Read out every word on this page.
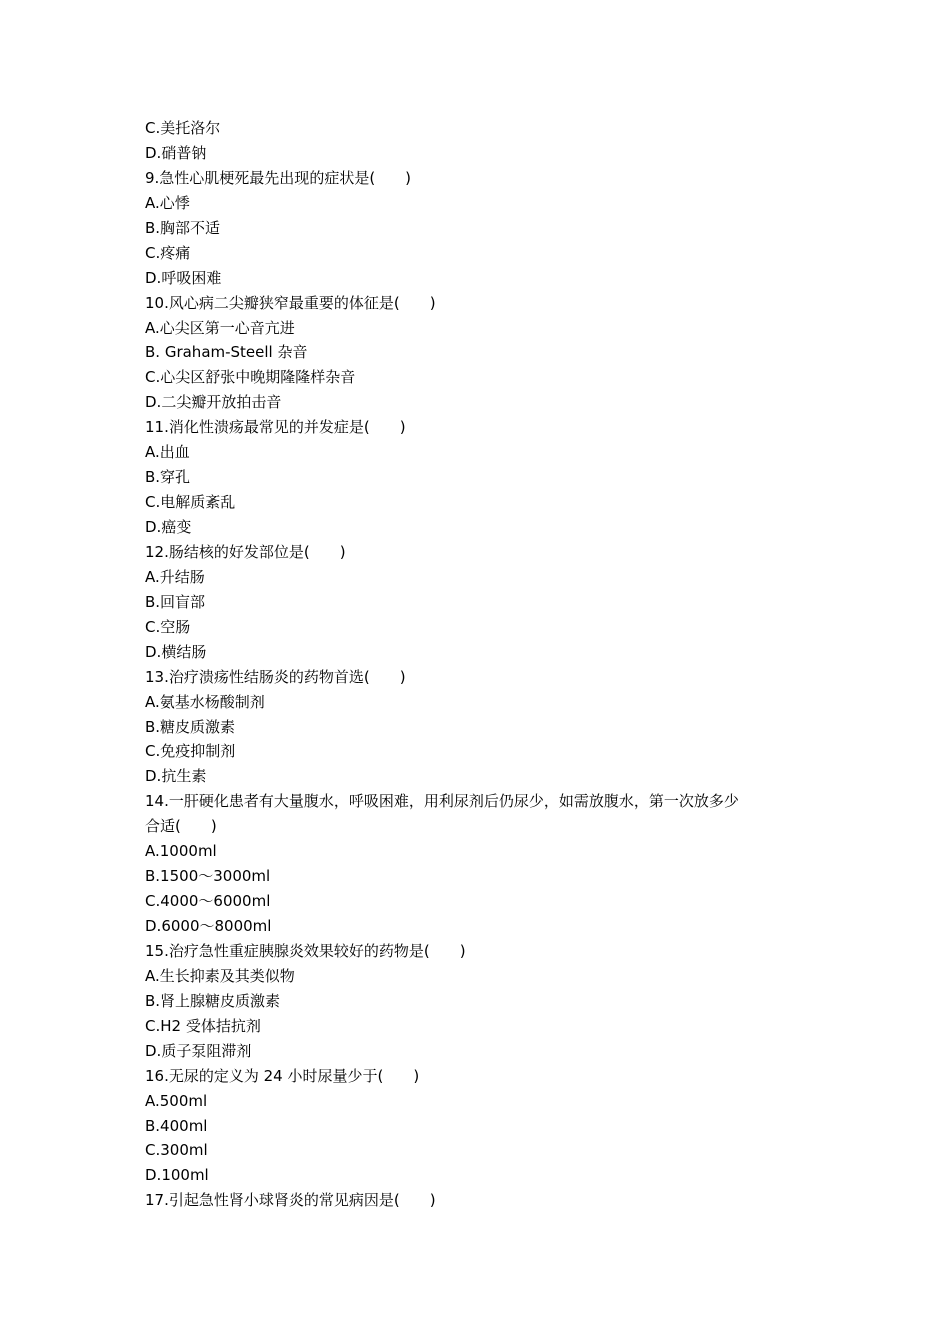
C.美托洛尔
D.硝普钠
9.急性心肌梗死最先出现的症状是(　　)
A.心悸
B.胸部不适
C.疼痛
D.呼吸困难
10.风心病二尖瓣狭窄最重要的体征是(　　)
A.心尖区第一心音亢进
B. Graham-Steell 杂音
C.心尖区舒张中晚期隆隆样杂音
D.二尖瓣开放拍击音
11.消化性溃疡最常见的并发症是(　　)
A.出血
B.穿孔
C.电解质紊乱
D.癌变
12.肠结核的好发部位是(　　)
A.升结肠
B.回盲部
C.空肠
D.横结肠
13.治疗溃疡性结肠炎的药物首选(　　)
A.氨基水杨酸制剂
B.糖皮质激素
C.免疫抑制剂
D.抗生素
14.一肝硬化患者有大量腹水，呼吸困难，用利尿剂后仍尿少，如需放腹水，第一次放多少
合适(　　)
A.1000ml
B.1500～3000ml
C.4000～6000ml
D.6000～8000ml
15.治疗急性重症胰腺炎效果较好的药物是(　　)
A.生长抑素及其类似物
B.肾上腺糖皮质激素
C.H2 受体拮抗剂
D.质子泵阻滞剂
16.无尿的定义为 24 小时尿量少于(　　)
A.500ml
B.400ml
C.300ml
D.100ml
17.引起急性肾小球肾炎的常见病因是(　　)
